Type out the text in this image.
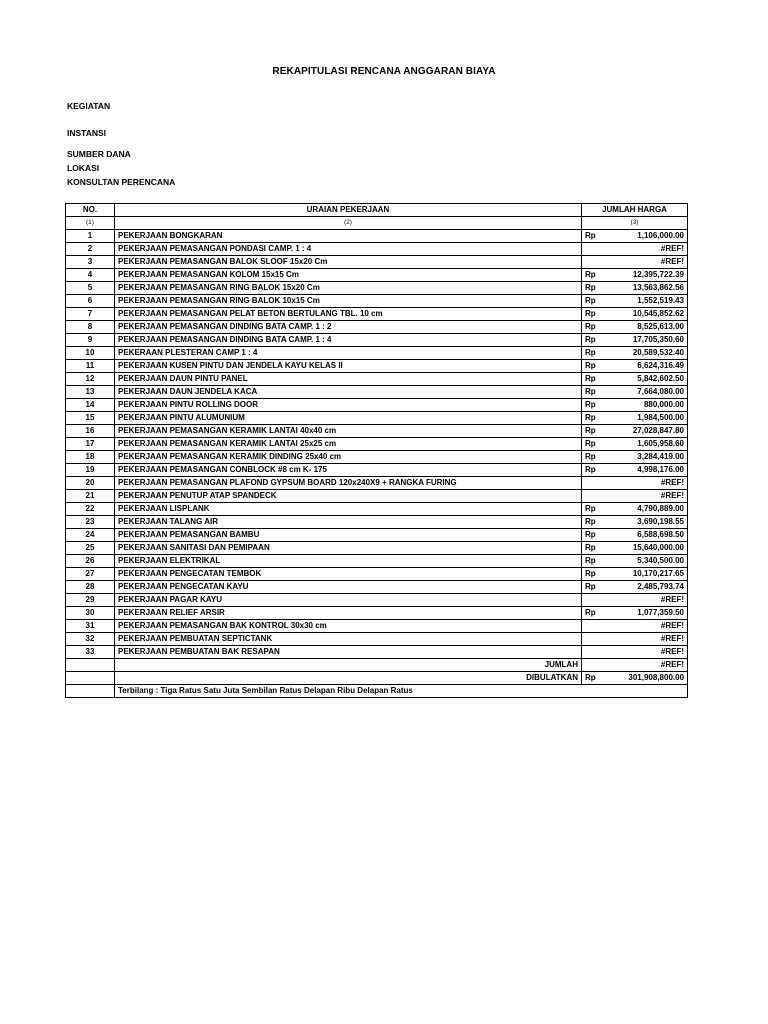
REKAPITULASI RENCANA ANGGARAN BIAYA
KEGIATAN
INSTANSI
SUMBER DANA
LOKASI
KONSULTAN PERENCANA
NO.	URAIAN PEKERJAAN	JUMLAH HARGA	
(1)	(2)	(3)	
1	PEKERJAAN BONGKARAN	Rp	1,106,000.00
2	PEKERJAAN PEMASANGAN PONDASI CAMP. 1 : 4		#REF!
3	PEKERJAAN PEMASANGAN BALOK SLOOF 15x20 Cm		#REF!
4	PEKERJAAN PEMASANGAN KOLOM 15x15 Cm	Rp	12,395,722.39
5	PEKERJAAN PEMASANGAN RING BALOK 15x20 Cm	Rp	13,563,862.56
6	PEKERJAAN PEMASANGAN RING BALOK 10x15 Cm	Rp	1,552,519.43
7	PEKERJAAN PEMASANGAN PELAT BETON BERTULANG TBL. 10 cm	Rp	10,545,852.62
8	PEKERJAAN PEMASANGAN DINDING BATA CAMP. 1 : 2	Rp	8,525,613.00
9	PEKERJAAN PEMASANGAN DINDING BATA CAMP. 1 : 4	Rp	17,705,350.60
10	PEKERAAN PLESTERAN CAMP 1 : 4	Rp	20,589,532.40
11	PEKERJAAN KUSEN PINTU DAN JENDELA KAYU KELAS II	Rp	6,624,316.49
12	PEKERJAAN DAUN PINTU PANEL	Rp	5,842,602.50
13	PEKERJAAN DAUN JENDELA KACA	Rp	7,664,080.00
14	PEKERJAAN PINTU ROLLING DOOR	Rp	880,000.00
15	PEKERJAAN PINTU ALUMUNIUM	Rp	1,984,500.00
16	PEKERJAAN PEMASANGAN KERAMIK LANTAI 40x40 cm	Rp	27,028,847.80
17	PEKERJAAN PEMASANGAN KERAMIK LANTAI 25x25 cm	Rp	1,605,958.60
18	PEKERJAAN PEMASANGAN KERAMIK DINDING 25x40 cm	Rp	3,284,419.00
19	PEKERJAAN PEMASANGAN CONBLOCK #8 cm K- 175	Rp	4,998,176.00
20	PEKERJAAN PEMASANGAN PLAFOND GYPSUM BOARD 120x240X9 + RANGKA FURING		#REF!
21	PEKERJAAN PENUTUP ATAP SPANDECK		#REF!
22	PEKERJAAN LISPLANK	Rp	4,790,889.00
23	PEKERJAAN TALANG AIR	Rp	3,690,198.55
24	PEKERJAAN PEMASANGAN BAMBU	Rp	6,588,698.50
25	PEKERJAAN SANITASI DAN PEMIPAAN	Rp	15,640,000.00
26	PEKERJAAN ELEKTRIKAL	Rp	5,340,500.00
27	PEKERJAAN PENGECATAN TEMBOK	Rp	10,170,217.65
28	PEKERJAAN PENGECATAN KAYU	Rp	2,485,793.74
29	PEKERJAAN PAGAR KAYU		#REF!
30	PEKERJAAN RELIEF ARSIR	Rp	1,077,359.50
31	PEKERJAAN PEMASANGAN BAK KONTROL 30x30 cm		#REF!
32	PEKERJAAN PEMBUATAN SEPTICTANK		#REF!
33	PEKERJAAN PEMBUATAN BAK RESAPAN		#REF!
	JUMLAH		#REF!
	DIBULATKAN	Rp	301,908,800.00
	Terbilang : Tiga Ratus Satu Juta Sembilan Ratus Delapan Ribu Delapan Ratus		
